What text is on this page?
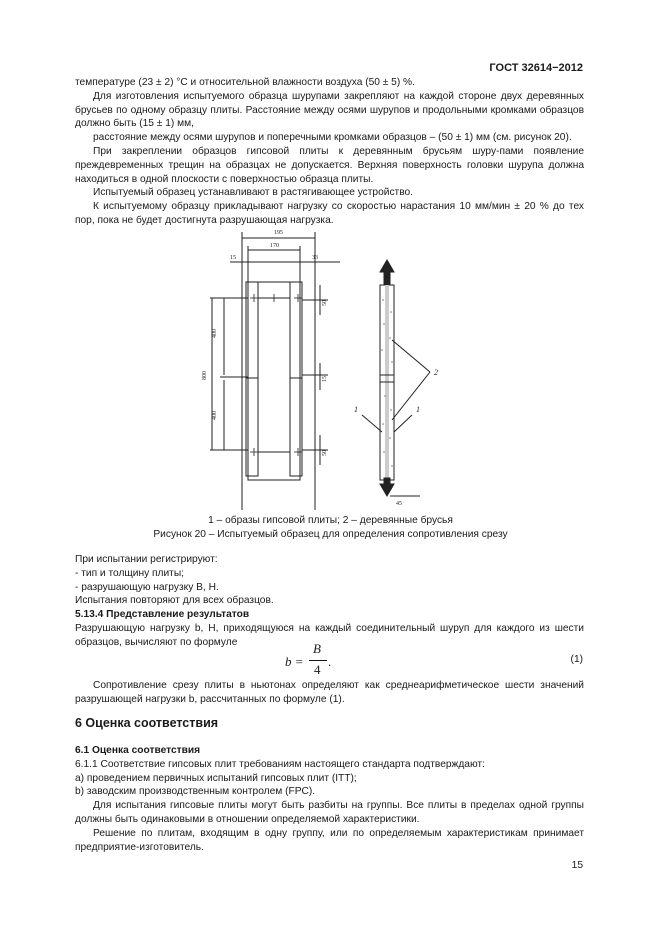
ГОСТ 32614−2012

температуре (23 ± 2) °C и относительной влажности воздуха (50 ± 5) %.

Для изготовления испытуемого образца шурупами закрепляют на каждой стороне двух деревянных брусьев по одному образцу плиты. Расстояние между осями шурупов и продольными кромками образцов должно быть (15 ± 1) мм,

расстояние между осями шурупов и поперечными кромками образцов – (50 ± 1) мм (см. рисунок 20).

При закреплении образцов гипсовой плиты к деревянным брусьям шуру-пами появление преждевременных трещин на образцах не допускается. Верхняя поверхность головки шурупа должна находиться в одной плоскости с поверхностью образца плиты.

Испытуемый образец устанавливают в растягивающее устройство.

К испытуемому образцу прикладывают нагрузку со скоростью нарастания 10 мм/мин ± 20 % до тех пор, пока не будет достигнута разрушающая нагрузка.

195
170
15	33
400
400
800
50
15
50
45
1	1
2
1 – образы гипсовой плиты; 2 – деревянные брусья
Рисунок 20 – Испытуемый образец для определения сопротивления срезу

При испытании регистрируют:

- тип и толщину плиты;

- разрушающую нагрузку B, Н.

Испытания повторяют для всех образцов.

5.13.4 Представление результатов

Разрушающую нагрузку b, Н, приходящуюся на каждый соединительный шуруп для каждого из шести образцов, вычисляют по формуле

b =
B
4
.	(1)

Сопротивление срезу плиты в ньютонах определяют как среднеарифметическое шести значений разрушающей нагрузки b, рассчитанных по формуле (1).

6 Оценка соответствия

6.1 Оценка соответствия

6.1.1 Соответствие гипсовых плит требованиям настоящего стандарта подтверждают:

а) проведением первичных испытаний гипсовых плит (ITT);

b) заводским производственным контролем (FPC).

Для испытания гипсовые плиты могут быть разбиты на группы. Все плиты в пределах одной группы должны быть одинаковыми в отношении определяемой характеристики.

Решение по плитам, входящим в одну группу, или по определяемым характеристикам принимает предприятие-изготовитель.

15
